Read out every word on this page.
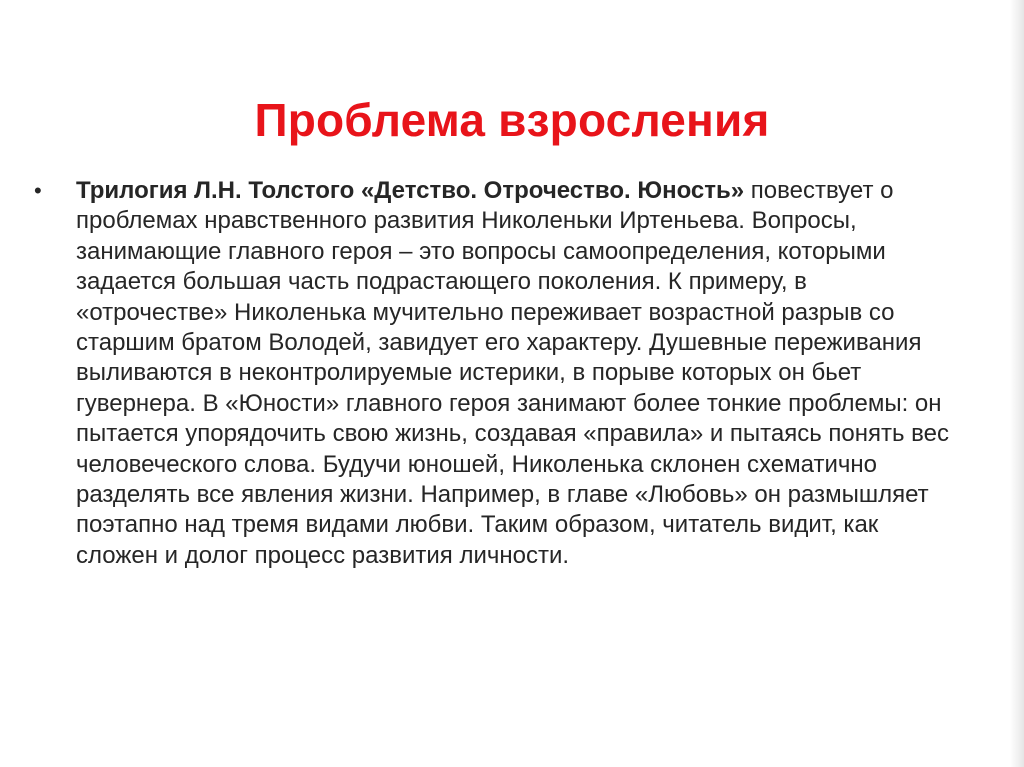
Проблема взросления
• Трилогия Л.Н. Толстого «Детство. Отрочество. Юность» повествует о проблемах нравственного развития Николеньки Иртеньева. Вопросы, занимающие главного героя – это вопросы самоопределения, которыми задается большая часть подрастающего поколения. К примеру, в «отрочестве» Николенька мучительно переживает возрастной разрыв со старшим братом Володей, завидует его характеру. Душевные переживания выливаются в неконтролируемые истерики, в порыве которых он бьет гувернера. В «Юности» главного героя занимают более тонкие проблемы: он пытается упорядочить свою жизнь, создавая «правила» и пытаясь понять вес человеческого слова. Будучи юношей, Николенька склонен схематично разделять все явления жизни. Например, в главе «Любовь» он размышляет поэтапно над тремя видами любви. Таким образом, читатель видит, как сложен и долог процесс развития личности.
